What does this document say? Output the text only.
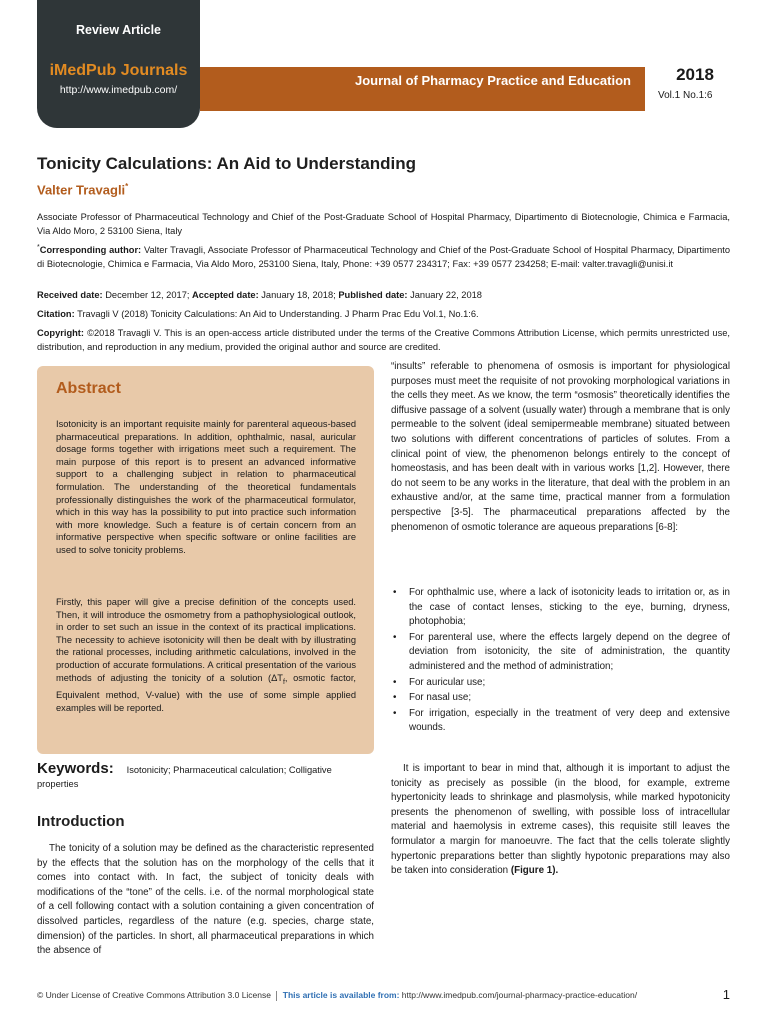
Review Article
iMedPub Journals
http://www.imedpub.com/
Journal of Pharmacy Practice and Education	2018
Vol.1 No.1:6
Tonicity Calculations: An Aid to Understanding
Valter Travagli*
Associate Professor of Pharmaceutical Technology and Chief of the Post-Graduate School of Hospital Pharmacy, Dipartimento di Biotecnologie, Chimica e Farmacia, Via Aldo Moro, 2 53100 Siena, Italy
*Corresponding author: Valter Travagli, Associate Professor of Pharmaceutical Technology and Chief of the Post-Graduate School of Hospital Pharmacy, Dipartimento di Biotecnologie, Chimica e Farmacia, Via Aldo Moro, 253100 Siena, Italy, Phone: +39 0577 234317; Fax: +39 0577 234258; E-mail: valter.travagli@unisi.it
Received date: December 12, 2017; Accepted date: January 18, 2018; Published date: January 22, 2018
Citation: Travagli V (2018) Tonicity Calculations: An Aid to Understanding. J Pharm Prac Edu Vol.1, No.1:6.
Copyright: ©2018 Travagli V. This is an open-access article distributed under the terms of the Creative Commons Attribution License, which permits unrestricted use, distribution, and reproduction in any medium, provided the original author and source are credited.
Abstract
Isotonicity is an important requisite mainly for parenteral aqueous-based pharmaceutical preparations. In addition, ophthalmic, nasal, auricular dosage forms together with irrigations meet such a requirement. The main purpose of this report is to present an advanced informative support to a challenging subject in relation to pharmaceutical formulation. The understanding of the theoretical fundamentals professionally distinguishes the work of the pharmaceutical formulator, which in this way has la possibility to put into practice such information with more knowledge. Such a feature is of certain concern from an informative perspective when specific software or online facilities are used to solve tonicity problems.
Firstly, this paper will give a precise definition of the concepts used. Then, it will introduce the osmometry from a pathophysiological outlook, in order to set such an issue in the context of its practical implications. The necessity to achieve isotonicity will then be dealt with by illustrating the rational processes, including arithmetic calculations, involved in the production of accurate formulations. A critical presentation of the various methods of adjusting the tonicity of a solution ($\Delta T_f$, osmotic factor, Equivalent method, V-value) with the use of some simple applied examples will be reported.
Keywords: Isotonicity; Pharmaceutical calculation; Colligative properties
Introduction
The tonicity of a solution may be defined as the characteristic represented by the effects that the solution has on the morphology of the cells that it comes into contact with. In fact, the subject of tonicity deals with modifications of the “tone” of the cells. i.e. of the normal morphological state of a cell following contact with a solution containing a given concentration of dissolved particles, regardless of the nature (e.g. species, charge state, dimension) of the particles. In short, all pharmaceutical preparations in which the absence of
“insults” referable to phenomena of osmosis is important for physiological purposes must meet the requisite of not provoking morphological variations in the cells they meet. As we know, the term “osmosis” theoretically identifies the diffusive passage of a solvent (usually water) through a membrane that is only permeable to the solvent (ideal semipermeable membrane) situated between two solutions with different concentrations of particles of solutes. From a clinical point of view, the phenomenon belongs entirely to the concept of homeostasis, and has been dealt with in various works [1,2]. However, there do not seem to be any works in the literature, that deal with the problem in an exhaustive and/or, at the same time, practical manner from a formulation perspective [3-5]. The pharmaceutical preparations affected by the phenomenon of osmotic tolerance are aqueous preparations [6-8]:
• For ophthalmic use, where a lack of isotonicity leads to irritation or, as in the case of contact lenses, sticking to the eye, burning, dryness, photophobia;
• For parenteral use, where the effects largely depend on the degree of deviation from isotonicity, the site of administration, the quantity administered and the method of administration;
• For auricular use;
• For nasal use;
• For irrigation, especially in the treatment of very deep and extensive wounds.
It is important to bear in mind that, although it is important to adjust the tonicity as precisely as possible (in the blood, for example, extreme hypertonicity leads to shrinkage and plasmolysis, while marked hypotonicity presents the phenomenon of swelling, with possible loss of intracellular material and haemolysis in extreme cases), this requisite still leaves the formulator a margin for manoeuvre. The fact that the cells tolerate slightly hypertonic preparations better than slightly hypotonic preparations may also be taken into consideration (Figure 1).
© Under License of Creative Commons Attribution 3.0 License This article is available from: http://www.imedpub.com/journal-pharmacy-practice-education/	1
